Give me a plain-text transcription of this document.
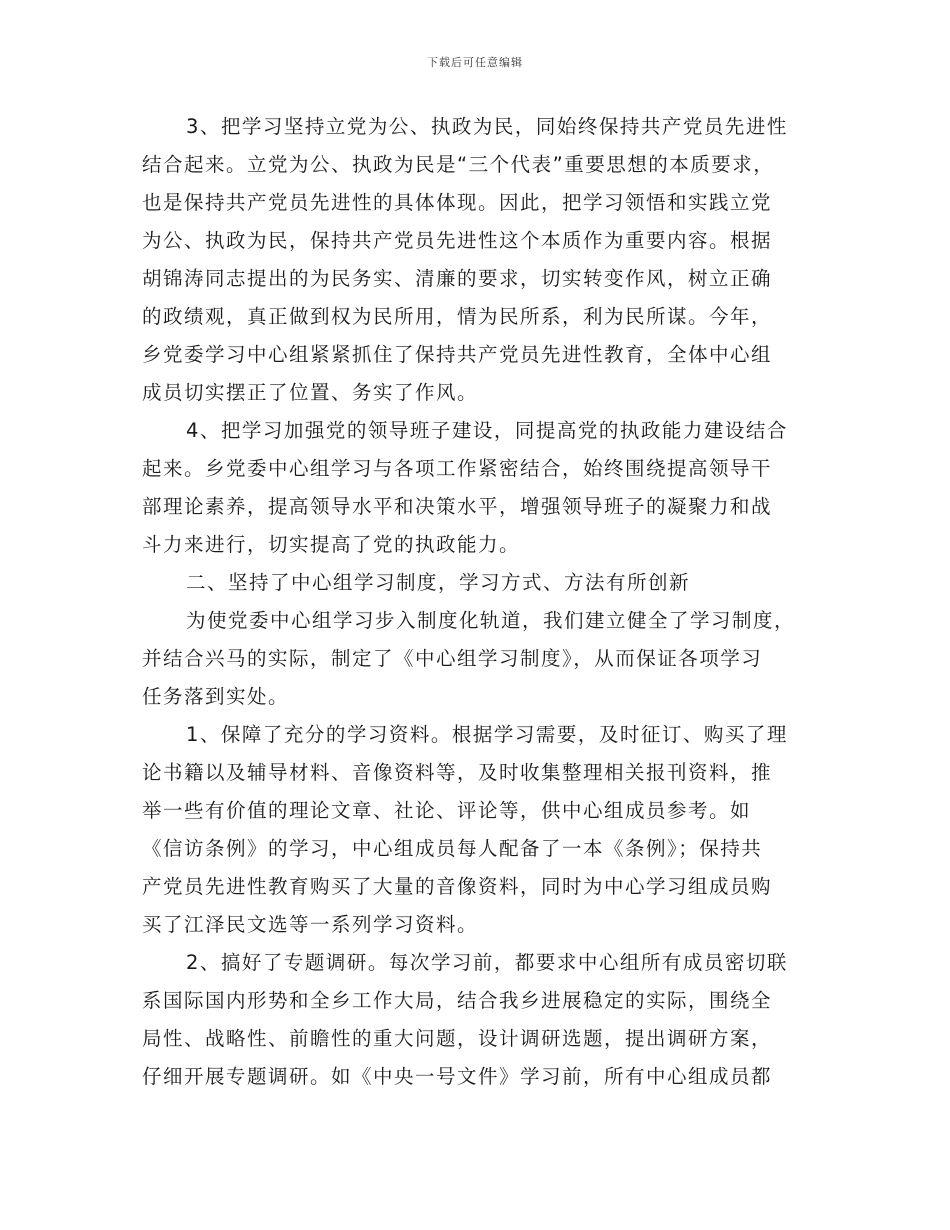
下载后可任意编辑
3、把学习坚持立党为公、执政为民，同始终保持共产党员先进性
结合起来。立党为公、执政为民是“三个代表”重要思想的本质要求，
也是保持共产党员先进性的具体体现。因此，把学习领悟和实践立党
为公、执政为民，保持共产党员先进性这个本质作为重要内容。根据
胡锦涛同志提出的为民务实、清廉的要求，切实转变作风，树立正确
的政绩观，真正做到权为民所用，情为民所系，利为民所谋。今年，
乡党委学习中心组紧紧抓住了保持共产党员先进性教育，全体中心组
成员切实摆正了位置、务实了作风。
4、把学习加强党的领导班子建设，同提高党的执政能力建设结合
起来。乡党委中心组学习与各项工作紧密结合，始终围绕提高领导干
部理论素养，提高领导水平和决策水平，增强领导班子的凝聚力和战
斗力来进行，切实提高了党的执政能力。
二、坚持了中心组学习制度，学习方式、方法有所创新
为使党委中心组学习步入制度化轨道，我们建立健全了学习制度，
并结合兴马的实际，制定了《中心组学习制度》，从而保证各项学习
任务落到实处。
1、保障了充分的学习资料。根据学习需要，及时征订、购买了理
论书籍以及辅导材料、音像资料等，及时收集整理相关报刊资料，推
举一些有价值的理论文章、社论、评论等，供中心组成员参考。如
《信访条例》的学习，中心组成员每人配备了一本《条例》；保持共
产党员先进性教育购买了大量的音像资料，同时为中心学习组成员购
买了江泽民文选等一系列学习资料。
2、搞好了专题调研。每次学习前，都要求中心组所有成员密切联
系国际国内形势和全乡工作大局，结合我乡进展稳定的实际，围绕全
局性、战略性、前瞻性的重大问题，设计调研选题，提出调研方案，
仔细开展专题调研。如《中央一号文件》学习前，所有中心组成员都
